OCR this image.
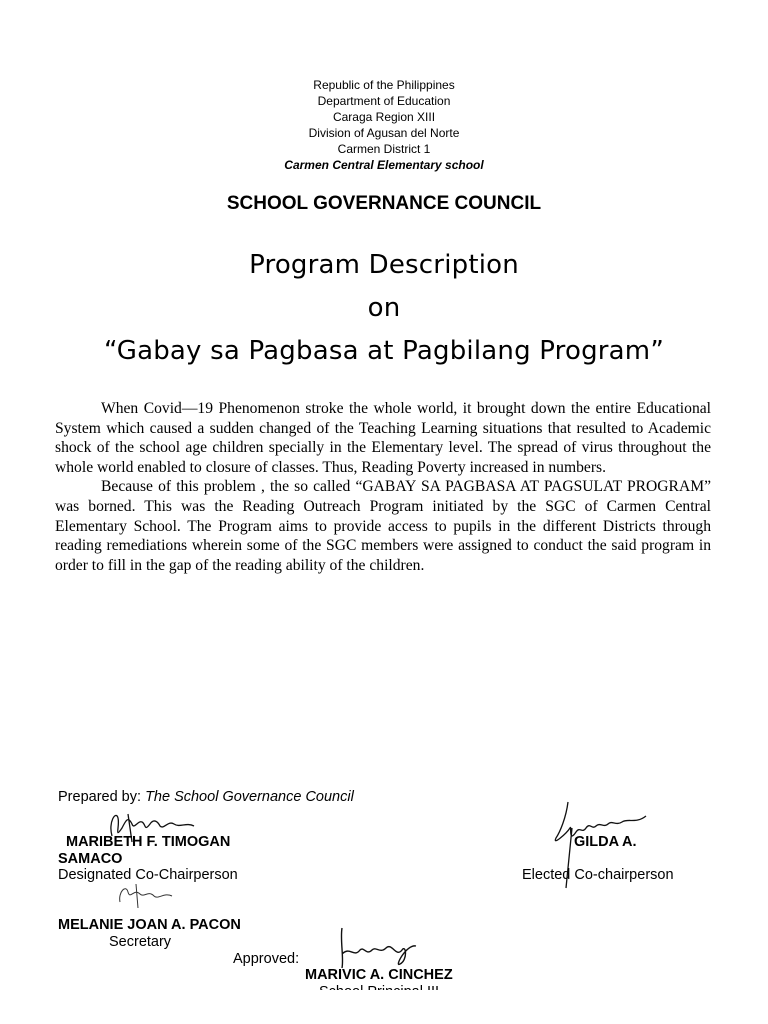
Republic of the Philippines
Department of Education
Caraga Region XIII
Division of Agusan del Norte
Carmen District 1
Carmen Central Elementary school
SCHOOL GOVERNANCE COUNCIL
Program Description
on
“Gabay sa Pagbasa at Pagbilang Program”

When Covid—19 Phenomenon stroke the whole world, it brought down the entire Educational System which caused a sudden changed of the Teaching Learning situations that resulted to Academic shock of the school age children specially in the Elementary level. The spread of virus throughout the whole world enabled to closure of classes. Thus, Reading Poverty increased in numbers.

Because of this problem , the so called “GABAY SA PAGBASA AT PAGSULAT PROGRAM” was borned. This was the Reading Outreach Program initiated by the SGC of Carmen Central Elementary School. The Program aims to provide access to pupils in the different Districts through reading remediations wherein some of the SGC members were assigned to conduct the said program in order to fill in the gap of the reading ability of the children.

Prepared by: The School Governance Council
MARIBETH F. TIMOGAN
SAMACO
Designated Co-Chairperson
GILDA A.
Elected Co-chairperson
MELANIE JOAN A. PACON
Secretary
Approved:
MARIVIC A. CINCHEZ
